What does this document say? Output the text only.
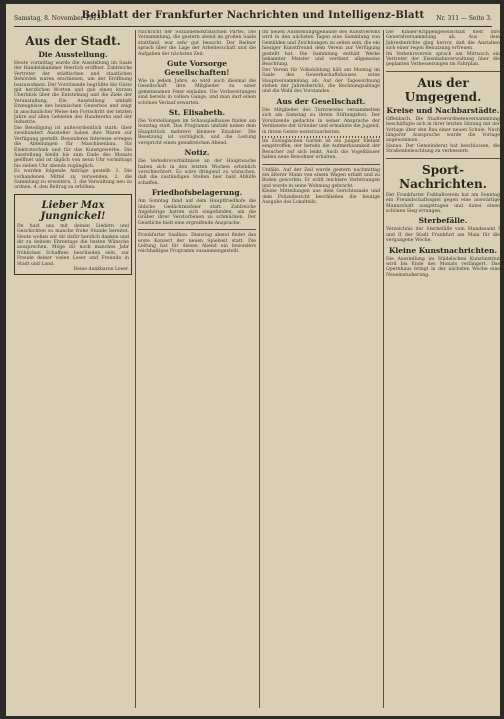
Samstag, 8. November 1913.
Beiblatt der Frankfurter Nachrichten und Intelligenz-Blatt	Nr. 311 — Seite 3.
Aus der Stadt.
Die Ausstellung.
Heute vormittag wurde die Ausstellung im Saale der Handelskammer feierlich eröffnet. Zahlreiche Vertreter der städtischen und staatlichen Behörden waren erschienen, um der Eröffnung beizuwohnen. Der Vorsitzende begrüßte die Gäste mit herzlichen Worten und gab einen kurzen Überblick über die Entstehung und die Ziele der Veranstaltung. Die Ausstellung umfaßt Erzeugnisse des heimischen Gewerbes und zeigt in anschaulicher Weise den Fortschritt der letzten Jahre auf allen Gebieten des Handwerks und der Industrie.
Die Beteiligung ist außerordentlich stark; über zweihundert Aussteller haben ihre Waren zur Verfügung gestellt. Besonderes Interesse erregen die Abteilungen für Maschinenbau, für Elektrotechnik und für das Kunstgewerbe. Die Ausstellung bleibt bis zum Ende des Monats geöffnet und ist täglich von neun Uhr vormittags bis sieben Uhr abends zugänglich.
Es wurden folgende Anträge gestellt: 1. Die vorhandenen Mittel zu verwenden, 2. die Sammlung zu erweitern, 3. die Verwaltung neu zu ordnen, 4. den Beitrag zu erhöhen.
Lieber Max Jungnickel!
Du hast uns mit deinen Liedern und Geschichten so manche frohe Stunde bereitet. Heute wollen wir dir dafür herzlich danken und dir zu deinem Ehrentage die besten Wünsche aussprechen. Möge dir noch manches Jahr fröhlichen Schaffens beschieden sein, zur Freude deiner vielen Leser und Freunde in Stadt und Land.
Deine dankbaren Leser.
Nachricht der Sozialdemokratischen Partei. Die Versammlung, die gestern abend im großen Saale stattfand, war sehr gut besucht. Der Redner sprach über die Lage der Arbeiterschaft und die Aufgaben der nächsten Zeit.
Gute Vorsorge Gesellschaften!
Wie in jedem Jahre, so wird auch diesmal die Gesellschaft ihre Mitglieder zu einer gemeinsamen Feier einladen. Die Vorbereitungen sind bereits in vollem Gange, und man darf einen schönen Verlauf erwarten.
St. Elisabeth.
Die Vorstellungen im Schauspielhause finden am Sonntag statt. Das Programm umfaßt neben dem Hauptstück mehrere kleinere Einakter. Die Besetzung ist vorzüglich, und die Leitung verspricht einen genußreichen Abend.
Notiz.
Die Verkehrsverhältnisse an der Hauptwache haben sich in den letzten Wochen erheblich verschlechtert. Es wäre dringend zu wünschen, daß die zuständigen Stellen hier bald Abhilfe schaffen.
Friedhofsbelagerung.
Am Sonntag fand auf dem Hauptfriedhofe die übliche Gedächtnisfeier statt. Zahlreiche Angehörige hatten sich eingefunden, um die Gräber ihrer Verstorbenen zu schmücken. Der Geistliche hielt eine ergreifende Ansprache.
Frankfurter Saalbau. Dienstag abend findet das erste Konzert der neuen Spielzeit statt. Die Leitung hat für diesen Abend ein besonders reichhaltiges Programm zusammengestellt.
Im neuen Ausstellungsgebäude des Kunstvereins wird in den nächsten Tagen eine Sammlung von Gemälden und Zeichnungen zu sehen sein, die ein hiesiger Kunstfreund dem Verein zur Verfügung gestellt hat. Die Sammlung enthält Werke bekannter Meister und verdient allgemeine Beachtung.
Der Verein für Volksbildung hält am Montag im Saale des Gewerkschaftshauses seine Hauptversammlung ab. Auf der Tagesordnung stehen der Jahresbericht, die Rechnungsablage und die Wahl des Vorstandes.
Aus der Gesellschaft.
Die Mitglieder des Turnvereins versammelten sich am Samstag zu ihrem Stiftungsfest. Der Vorsitzende gedachte in seiner Ansprache der Verdienste der Gründer und ermahnte die Jugend, in ihrem Geiste weiterzuarbeiten.
Im Zoologischen Garten ist ein junger Elefant eingetroffen, der bereits die Aufmerksamkeit der Besucher auf sich lenkt. Auch die Vogelhäuser haben neue Bewohner erhalten.
Unfälle. Auf der Zeil wurde gestern nachmittag ein älterer Mann von einem Wagen erfaßt und zu Boden geworfen. Er erlitt leichtere Verletzungen und wurde in seine Wohnung gebracht.
Kleine Mitteilungen aus dem Gerichtssaale und dem Polizeibericht beschließen die heutige Ausgabe des Lokalteils.
Die Kinder-Krippengesellschaft hielt ihre Generalversammlung ab. Aus dem Jahresberichte ging hervor, daß die Anstalten sich einer regen Benutzung erfreuen.
Im Verkehrsverein sprach am Mittwoch ein Vertreter der Eisenbahnverwaltung über die geplanten Verbesserungen im Fahrplan.
Aus der Umgegend.
Kreise und Nachbarstädte.
Offenbach. Die Stadtverordnetenversammlung beschäftigte sich in ihrer letzten Sitzung mit der Vorlage über den Bau einer neuen Schule. Nach längerer Aussprache wurde die Vorlage angenommen.
Hanau. Der Gemeinderat hat beschlossen, die Straßenbeleuchtung zu verbessern.
Sport-Nachrichten.
Der Frankfurter Fußballverein hat am Sonntag ein Freundschaftsspiel gegen eine auswärtige Mannschaft ausgetragen und dabei einen schönen Sieg errungen.
Sterbefälle.
Verzeichnis der Sterbefälle vom Standesamt I und II der Stadt Frankfurt am Main für die vergangene Woche.
Kleine Kunstnachrichten.
Die Ausstellung im Städelschen Kunstinstitut wird bis Ende des Monats verlängert. Das Opernhaus bringt in der nächsten Woche eine Neueinstudierung.
